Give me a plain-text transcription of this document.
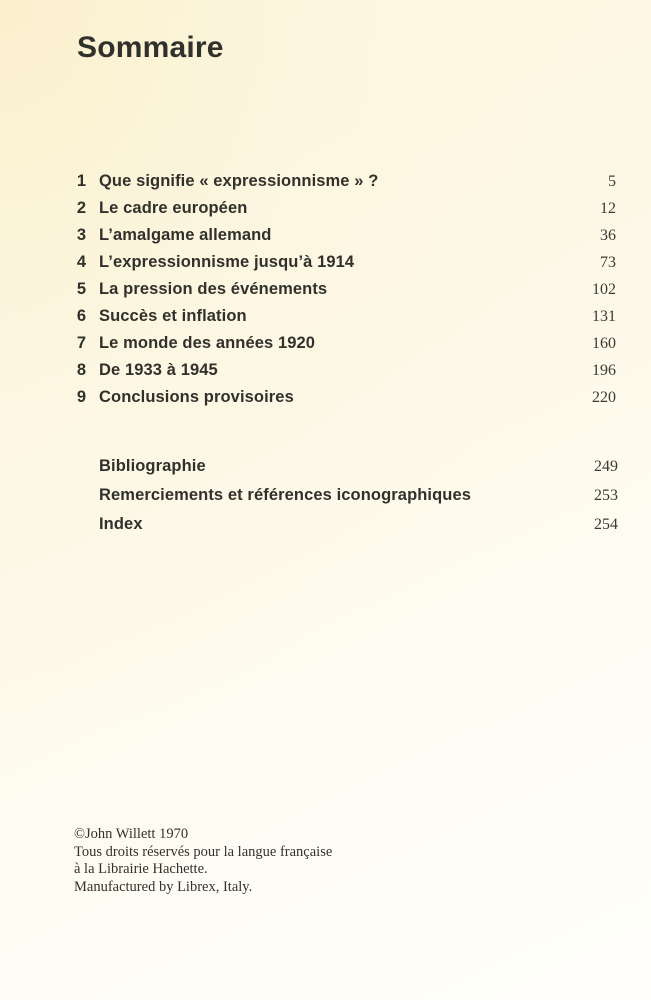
Sommaire
1 Que signifie « expressionnisme » ?	5
2 Le cadre européen	12
3 L’amalgame allemand	36
4 L’expressionnisme jusqu’à 1914	73
5 La pression des événements	102
6 Succès et inflation	131
7 Le monde des années 1920	160
8 De 1933 à 1945	196
9 Conclusions provisoires	220
Bibliographie	249
Remerciements et références iconographiques	253
Index	254
©John Willett 1970
Tous droits réservés pour la langue française
à la Librairie Hachette.
Manufactured by Librex, Italy.
